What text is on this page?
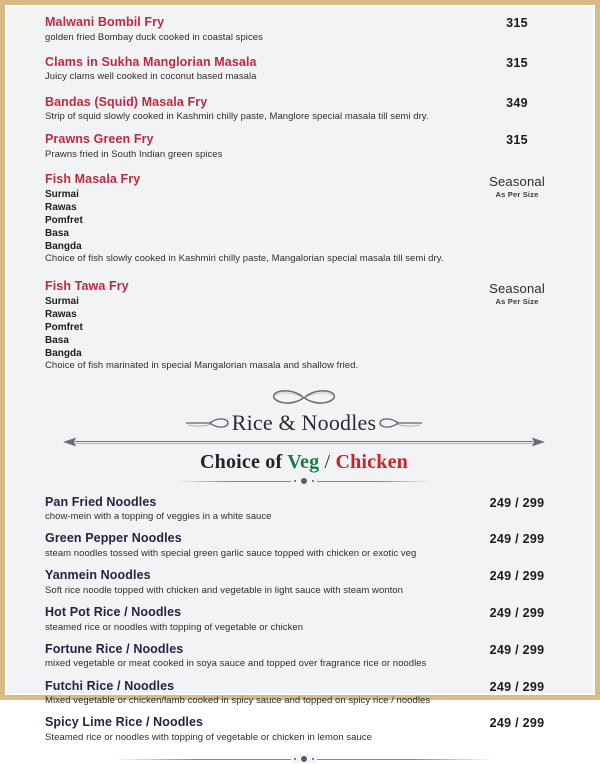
Malwani Bombil Fry
golden fried Bombay duck cooked in coastal spices
315
Clams in Sukha Manglorian Masala
Juicy clams well cooked in coconut based masala
315
Bandas (Squid) Masala Fry
Strip of squid slowly cooked in Kashmiri chilly paste, Manglore special masala till semi dry.
349
Prawns Green Fry
Prawns fried in South Indian green spices
315
Fish Masala Fry
Surmai
Rawas
Pomfret
Basa
Bangda
Choice of fish slowly cooked in Kashmiri chilly paste, Mangalorian special masala till semi dry.
Seasonal
As Per Size
Fish Tawa Fry
Surmai
Rawas
Pomfret
Basa
Bangda
Choice of fish marinated in special Mangalorian masala and shallow fried.
Seasonal
As Per Size
Rice & Noodles
Choice of Veg / Chicken
Pan Fried Noodles
chow-mein with a topping of veggies in a white sauce
249 / 299
Green Pepper Noodles
steam noodles tossed with special green garlic sauce topped with chicken or exotic veg
249 / 299
Yanmein Noodles
Soft rice noodle topped with chicken and vegetable in light sauce with steam wonton
249 / 299
Hot Pot Rice / Noodles
steamed rice or noodles with topping of vegetable or chicken
249 / 299
Fortune Rice / Noodles
mixed vegetable or meat cooked in soya sauce and topped over fragrance rice or noodles
249 / 299
Futchi Rice / Noodles
Mixed vegetable or chicken/lamb cooked in spicy sauce and topped on spicy rice / noodles
249 / 299
Spicy Lime Rice / Noodles
Steamed rice or noodles with topping of vegetable or chicken in lemon sauce
249 / 299
